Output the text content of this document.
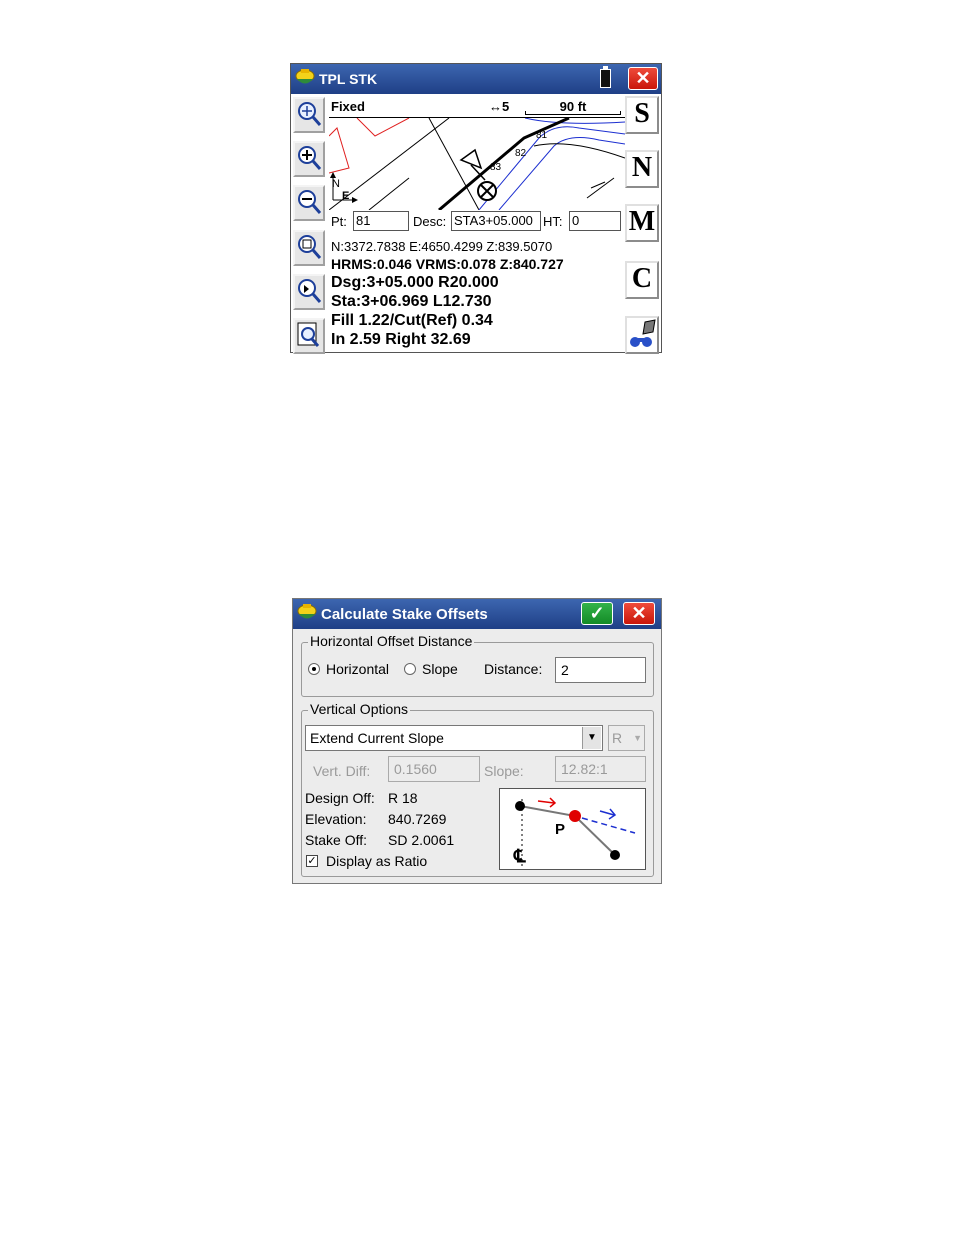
TPL STK	✕
Fixed	↔5	90 ft
81
82
83
N
E
Pt: 81	Desc: STA3+05.000 HT: 0
N:3372.7838 E:4650.4299 Z:839.5070
HRMS:0.046 VRMS:0.078 Z:840.727
Dsg:3+05.000 R20.000
Sta:3+06.969 L12.730
Fill 1.22/Cut(Ref) 0.34
In 2.59 Right 32.69
S
N
M
C
Calculate Stake Offsets	✓	✕
Horizontal Offset Distance
Horizontal Slope Distance:	2
Vertical Options
Extend Current Slope	▼ R ▼
Vert. Diff:	0.1560	Slope:	12.82:1
Design Off: R 18
Elevation: 840.7269
Stake Off: SD 2.0061
✓ Display as Ratio
P
℄
